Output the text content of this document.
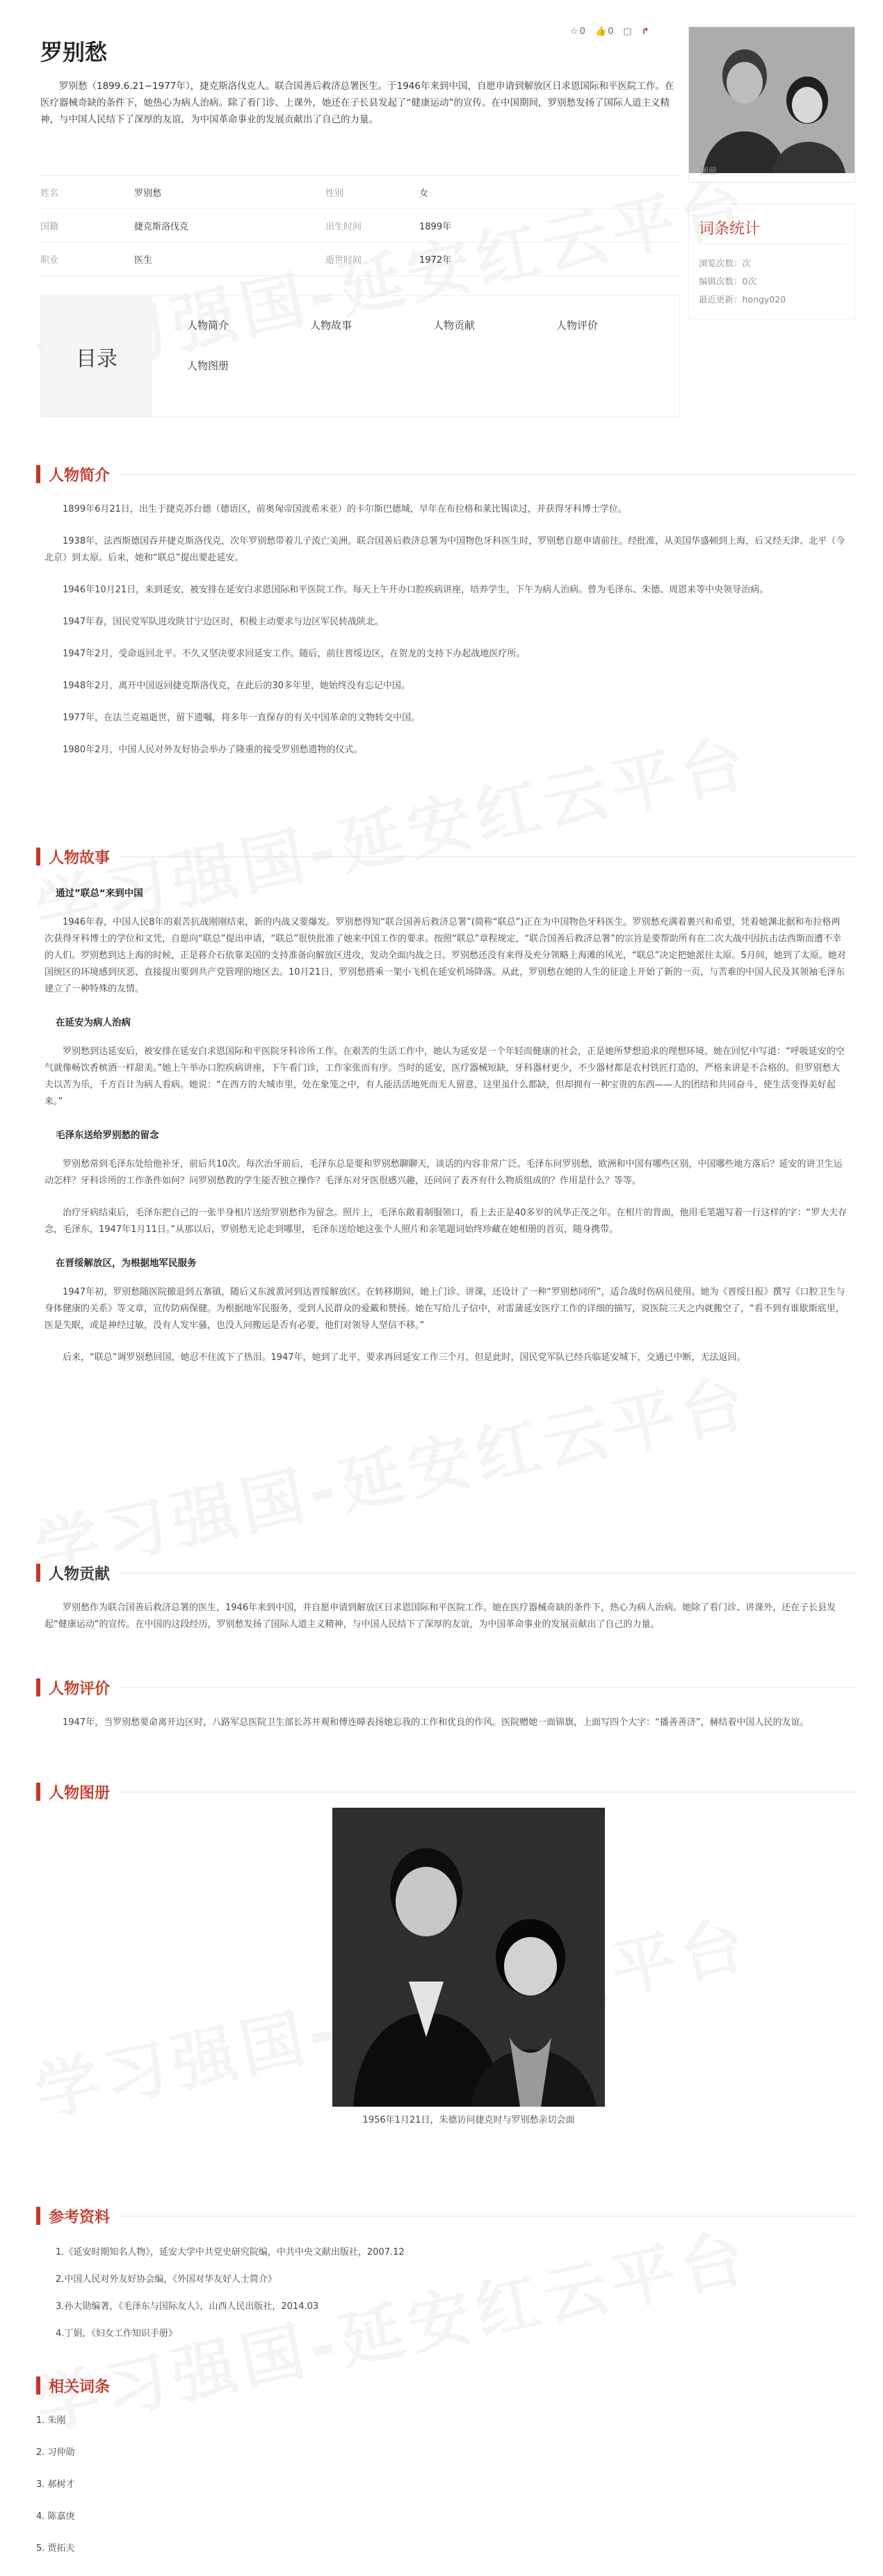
罗别愁
☆ 0 👍 0 ▢ ↱

罗别愁（1899.6.21−1977年），捷克斯洛伐克人。联合国善后救济总署医生。于1946年来到中国，自愿申请到解放区日求恩国际和平医院工作。在医疗器械奇缺的条件下，她热心为病人治病。除了看门诊、上课外，她还在子长县发起了“健康运动”的宣传。在中国期间，罗别愁发扬了国际人道主义精神，与中国人民结下了深厚的友谊，为中国革命事业的发展贡献出了自己的力量。

姓名	罗别愁	性别	女
国籍	捷克斯洛伐克	出生时间	1899年
职业	医生	逝世时间	1972年
目录
人物简介	人物故事	人物贡献	人物评价
人物图册
图册
词条统计

浏览次数：次

编辑次数：0次

最近更新：hongy020

人物简介

1899年6月21日，出生于捷克苏台德（德语区，前奥匈帝国波希米亚）的卡尔斯巴德城，早年在布拉格和莱比锡读过，并获得牙科博士学位。

1938年，法西斯德国吞并捷克斯洛伐克，次年罗别愁带着儿子流亡美洲。联合国善后救济总署为中国物色牙科医生时，罗别愁自愿申请前往。经批准，从美国华盛顿到上海，后又经天津、北平（今北京）到太原。后来，她和“联总”提出要赴延安。

1946年10月21日，来到延安，被安排在延安白求恩国际和平医院工作。每天上午开办口腔疾病讲座，培养学生，下午为病人治病。曾为毛泽东、朱德、周恩来等中央领导治病。

1947年春，国民党军队进攻陕甘宁边区时，积极主动要求与边区军民转战陕北。

1947年2月，受命返回北平。不久又坚决要求回延安工作。随后，前往晋绥边区，在贺龙的支持下办起战地医疗所。

1948年2月，离开中国返回捷克斯洛伐克，在此后的30多年里，她始终没有忘记中国。

1977年，在法兰克福逝世，留下遗嘱，将多年一直保存的有关中国革命的文物转交中国。

1980年2月，中国人民对外友好协会举办了隆重的接受罗别愁遗物的仪式。

人物故事

通过”联总“来到中国

1946年春，中国人民8年的艰苦抗战刚刚结束，新的内战又要爆发。罗别愁得知“联合国善后救济总署”(简称“联总”)正在为中国物色牙科医生。罗别愁充满着裹兴和希望，凭着她渊北据和布拉格两次获得牙科博士的学位和文凭，自愿向“联总”提出申请，“联总”很快批准了她来中国工作的要求。按照“联总”章程规定，“联合国善后救济总署”的宗旨是要帮助所有在二次大战中因抗击法西斯而遭不幸的人们。罗别愁到达上海的时候，正是蒋介石依靠美国的支持准备向解放区进攻，发动全面内战之日。罗别愁还没有来得及充分领略上海滩的风光，“联总”决定把她派往太原。5月间，她到了太原。她对国统区的环境感到厌恶，直接提出要到共产党管理的地区去。10月21日，罗别愁搭乘一架小飞机在延安机场降落。从此，罗别愁在她的人生的征途上开始了新的一页，与苦难的中国人民及其领袖毛泽东建立了一种特殊的友情。

在延安为病人治病

罗别愁到达延安后，被安排在延安白求恩国际和平医院牙科诊所工作。在艰苦的生活工作中，她认为延安是一个年轻而健康的社会，正是她所梦想追求的理想环境。她在回忆中写道：“呼吸延安的空气就像畅饮香槟酒一样甜美。”她上午举办口腔疾病讲座，下午看门诊，工作家张而有序。当时的延安，医疗器械短缺，牙科器材更少，不少器材都是农村铁匠打造的，严格来讲是不合格的。但罗别愁大夫以苦为乐，千方百计为病人看病。她说：“在西方的大城市里，处在象笼之中，有人能活活地死而无人留意，这里虽什么都缺，但却拥有一种宝贵的东西——人的团结和共同奋斗，使生活变得美好起来。”

毛泽东送给罗别愁的留念

罗别愁常到毛泽东处给他补牙，前后共10次。每次治牙前后，毛泽东总是要和罗别愁聊聊天，谈话的内容非常广泛。毛泽东问罗别愁，欧洲和中国有哪些区别，中国哪些地方落后？延安的讲卫生运动怎样？牙科诊所的工作条件如何？问罗别愁教的学生能否独立操作？毛泽东对牙医很感兴趣，还问问了表齐有什么物质组成的？作用是什么？等等。

治疗牙病结束后，毛泽东把自己的一张半身相片送给罗别愁作为留念。照片上，毛泽东敞着制服领口，看上去正是40多岁的风华正茂之年。在相片的背面，他用毛笔题写着一行这样的字：“罗大夫存念，毛泽东，1947年1月11日。”从那以后，罗别愁无论走到哪里，毛泽东送给她这张个人照片和亲笔题词始终珍藏在她相册的首页，随身携带。

在晋绥解放区，为根据地军民服务

1947年初，罗别愁随医院撤退到五寨镇，随后又东渡黄河到达晋绥解放区。在转移期间，她上门诊、讲课，还设计了一种“罗别愁同所”，适合战时伤病员使用。她为《晋绥日报》撰写《口腔卫生与身体健康的关系》等文章，宣传防病保健。为根据地军民服务，受到人民群众的爱戴和赞扬。她在写给儿子信中，对雷蒲延安医疗工作的详细的描写，说医院三天之内就搬空了，“看不到有谁歇斯底里，医是失眠，或是神经过敏，没有人发牢骚，也没人问搬运是否有必要，他们对领导人坚信不移。”

后来，“联总”调罗别愁回国，她忍不住流下了热泪。1947年，她到了北平，要求再回延安工作三个月，但是此时，国民党军队已经兵临延安城下，交通已中断，无法返回。

人物贡献

罗别愁作为联合国善后救济总署的医生，1946年来到中国，并自愿申请到解放区日求恩国际和平医院工作。她在医疗器械奇缺的条件下，热心为病人治病。她除了看门诊、讲课外，还在子长县发起“健康运动”的宣传。在中国的这段经历，罗别愁发扬了国际人道主义精神，与中国人民结下了深厚的友谊，为中国革命事业的发展贡献出了自己的力量。

人物评价

1947年，当罗别愁要命离开边区时，八路军总医院卫生部长苏井观和傅连暲表扬她忘我的工作和优良的作风。医院赠她一面锦旗，上面写四个大字：“播善善济”，赫结着中国人民的友谊。

人物图册

1956年1月21日，朱德访问捷克时与罗别愁亲切会面

参考资料

1.《延安时期知名人物》，延安大学中共党史研究院编，中共中央文献出版社，2007.12

2.中国人民对外友好协会编，《外国对华友好人士简介》

3.孙大勋编著，《毛泽东与国际友人》，山西人民出版社，2014.03

4.丁娟，《妇女工作知识手册》

相关词条

1. 朱刚

2. 习仲勋

3. 郝树才

4. 陈嘉庚

5. 贾拓夫
